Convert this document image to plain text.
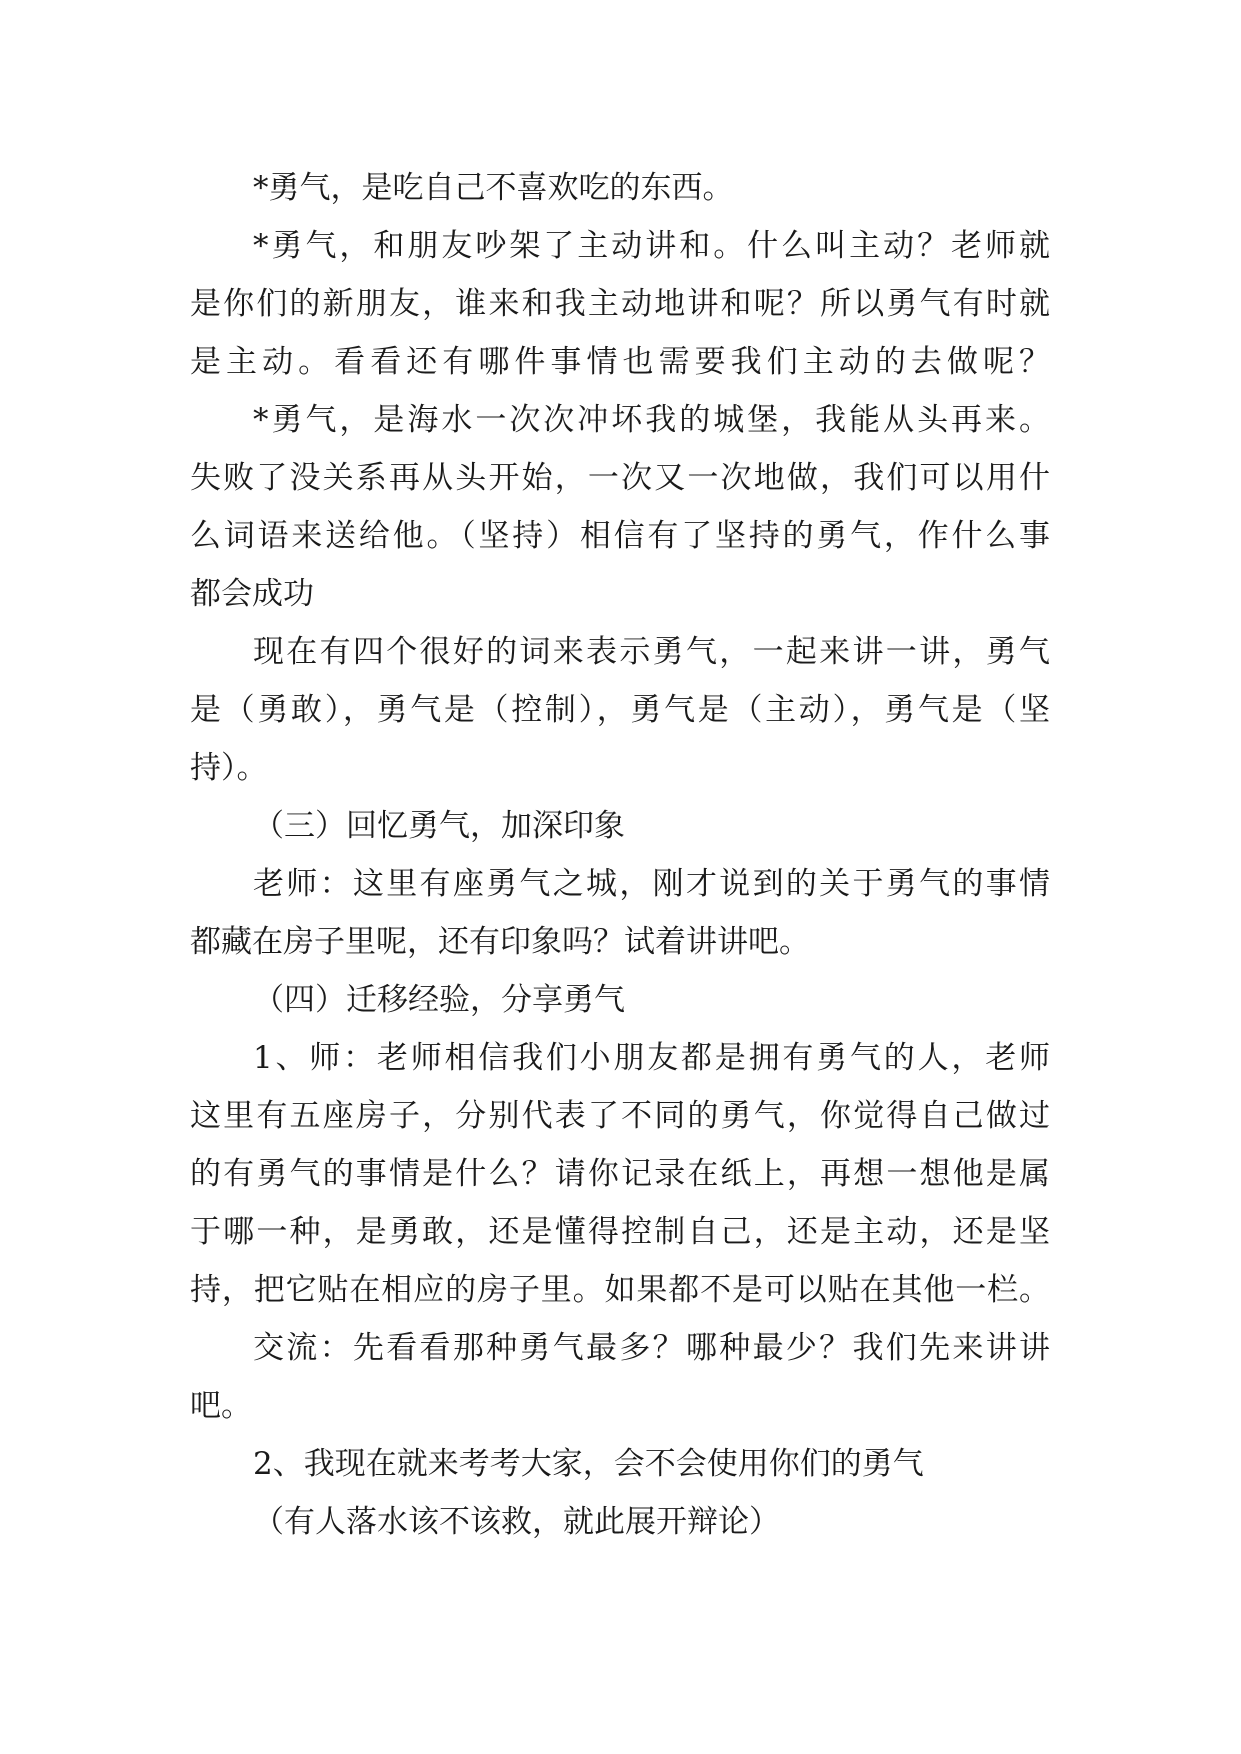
*勇气，是吃自己不喜欢吃的东西。
*勇气，和朋友吵架了主动讲和。什么叫主动？老师就
是你们的新朋友，谁来和我主动地讲和呢？所以勇气有时就
是主动。看看还有哪件事情也需要我们主动的去做呢？
*勇气，是海水一次次冲坏我的城堡，我能从头再来。
失败了没关系再从头开始，一次又一次地做，我们可以用什
么词语来送给他。（坚持）相信有了坚持的勇气，作什么事
都会成功
现在有四个很好的词来表示勇气，一起来讲一讲，勇气
是（勇敢），勇气是（控制），勇气是（主动），勇气是（坚
持）。
（三）回忆勇气，加深印象
老师：这里有座勇气之城，刚才说到的关于勇气的事情
都藏在房子里呢，还有印象吗？试着讲讲吧。
（四）迁移经验，分享勇气
1、师：老师相信我们小朋友都是拥有勇气的人，老师
这里有五座房子，分别代表了不同的勇气，你觉得自己做过
的有勇气的事情是什么？请你记录在纸上，再想一想他是属
于哪一种，是勇敢，还是懂得控制自己，还是主动，还是坚
持，把它贴在相应的房子里。如果都不是可以贴在其他一栏。
交流：先看看那种勇气最多？哪种最少？我们先来讲讲
吧。
2、我现在就来考考大家，会不会使用你们的勇气
（有人落水该不该救，就此展开辩论）
